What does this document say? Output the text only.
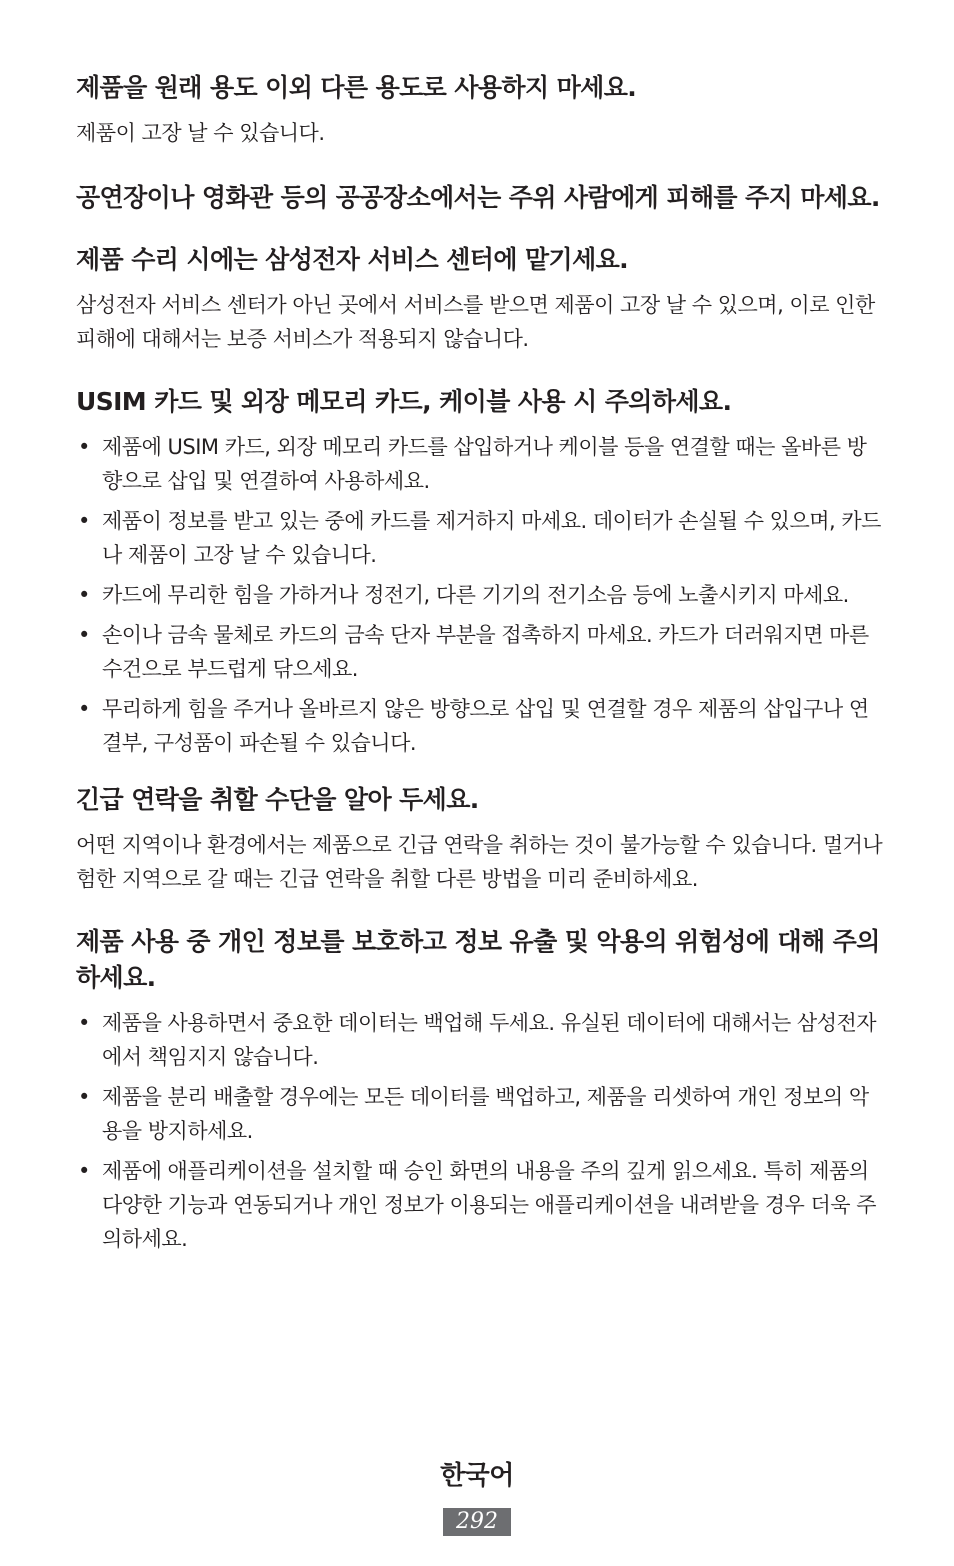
제품을 원래 용도 이외 다른 용도로 사용하지 마세요.

제품이 고장 날 수 있습니다.

공연장이나 영화관 등의 공공장소에서는 주위 사람에게 피해를 주지 마세요.
제품 수리 시에는 삼성전자 서비스 센터에 맡기세요.

삼성전자 서비스 센터가 아닌 곳에서 서비스를 받으면 제품이 고장 날 수 있으며, 이로 인한 피해에 대해서는 보증 서비스가 적용되지 않습니다.

USIM 카드 및 외장 메모리 카드, 케이블 사용 시 주의하세요.
• 제품에 USIM 카드, 외장 메모리 카드를 삽입하거나 케이블 등을 연결할 때는 올바른 방향으로 삽입 및 연결하여 사용하세요.
• 제품이 정보를 받고 있는 중에 카드를 제거하지 마세요. 데이터가 손실될 수 있으며, 카드나 제품이 고장 날 수 있습니다.
• 카드에 무리한 힘을 가하거나 정전기, 다른 기기의 전기소음 등에 노출시키지 마세요.
• 손이나 금속 물체로 카드의 금속 단자 부분을 접촉하지 마세요. 카드가 더러워지면 마른 수건으로 부드럽게 닦으세요.
• 무리하게 힘을 주거나 올바르지 않은 방향으로 삽입 및 연결할 경우 제품의 삽입구나 연결부, 구성품이 파손될 수 있습니다.
긴급 연락을 취할 수단을 알아 두세요.

어떤 지역이나 환경에서는 제품으로 긴급 연락을 취하는 것이 불가능할 수 있습니다. 멀거나 험한 지역으로 갈 때는 긴급 연락을 취할 다른 방법을 미리 준비하세요.

제품 사용 중 개인 정보를 보호하고 정보 유출 및 악용의 위험성에 대해 주의하세요.
• 제품을 사용하면서 중요한 데이터는 백업해 두세요. 유실된 데이터에 대해서는 삼성전자에서 책임지지 않습니다.
• 제품을 분리 배출할 경우에는 모든 데이터를 백업하고, 제품을 리셋하여 개인 정보의 악용을 방지하세요.
• 제품에 애플리케이션을 설치할 때 승인 화면의 내용을 주의 깊게 읽으세요. 특히 제품의 다양한 기능과 연동되거나 개인 정보가 이용되는 애플리케이션을 내려받을 경우 더욱 주의하세요.
한국어
292
